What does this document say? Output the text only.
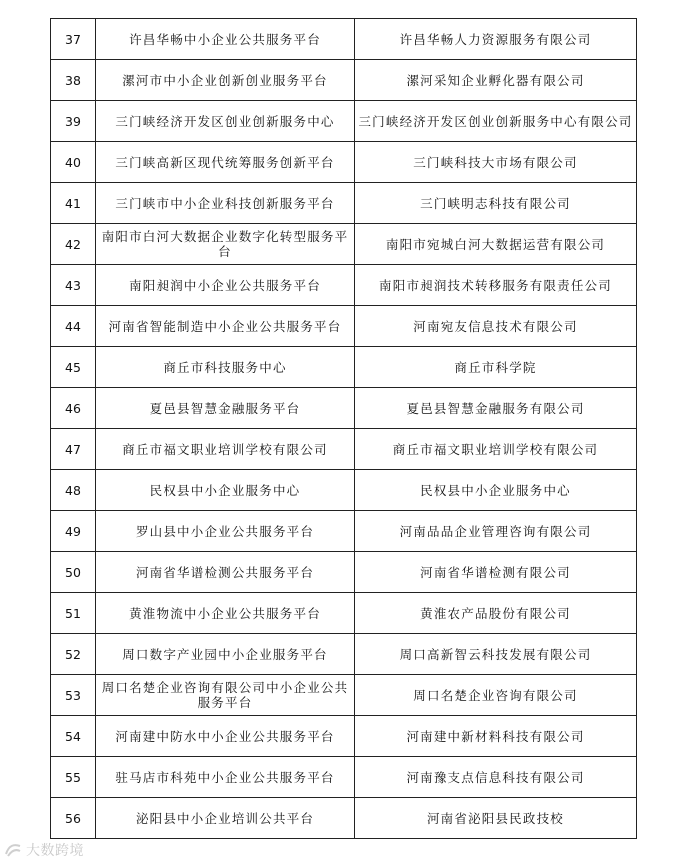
37	许昌华畅中小企业公共服务平台	许昌华畅人力资源服务有限公司
38	漯河市中小企业创新创业服务平台	漯河采知企业孵化器有限公司
39	三门峡经济开发区创业创新服务中心	三门峡经济开发区创业创新服务中心有限公司
40	三门峡高新区现代统筹服务创新平台	三门峡科技大市场有限公司
41	三门峡市中小企业科技创新服务平台	三门峡明志科技有限公司
42	南阳市白河大数据企业数字化转型服务平台	南阳市宛城白河大数据运营有限公司
43	南阳昶润中小企业公共服务平台	南阳市昶润技术转移服务有限责任公司
44	河南省智能制造中小企业公共服务平台	河南宛友信息技术有限公司
45	商丘市科技服务中心	商丘市科学院
46	夏邑县智慧金融服务平台	夏邑县智慧金融服务有限公司
47	商丘市福文职业培训学校有限公司	商丘市福文职业培训学校有限公司
48	民权县中小企业服务中心	民权县中小企业服务中心
49	罗山县中小企业公共服务平台	河南品品企业管理咨询有限公司
50	河南省华谱检测公共服务平台	河南省华谱检测有限公司
51	黄淮物流中小企业公共服务平台	黄淮农产品股份有限公司
52	周口数字产业园中小企业服务平台	周口高新智云科技发展有限公司
53	周口名楚企业咨询有限公司中小企业公共服务平台	周口名楚企业咨询有限公司
54	河南建中防水中小企业公共服务平台	河南建中新材料科技有限公司
55	驻马店市科苑中小企业公共服务平台	河南豫支点信息科技有限公司
56	泌阳县中小企业培训公共平台	河南省泌阳县民政技校
大数跨境
